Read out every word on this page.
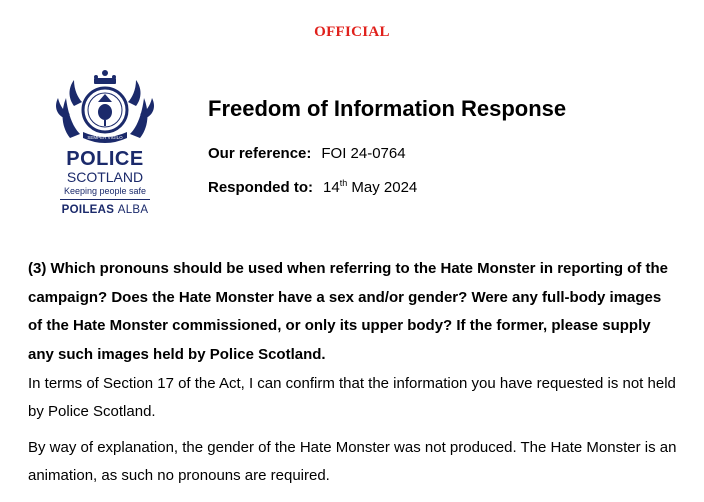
OFFICIAL
SEMPER VIGILO
POLICE
SCOTLAND
Keeping people safe
POILEAS ALBA
Freedom of Information Response
Our reference: FOI 24-0764
Responded to: 14th May 2024
(3) Which pronouns should be used when referring to the Hate Monster in reporting of the campaign? Does the Hate Monster have a sex and/or gender? Were any full-body images of the Hate Monster commissioned, or only its upper body? If the former, please supply any such images held by Police Scotland.
In terms of Section 17 of the Act, I can confirm that the information you have requested is not held by Police Scotland.
By way of explanation, the gender of the Hate Monster was not produced. The Hate Monster is an animation, as such no pronouns are required.
